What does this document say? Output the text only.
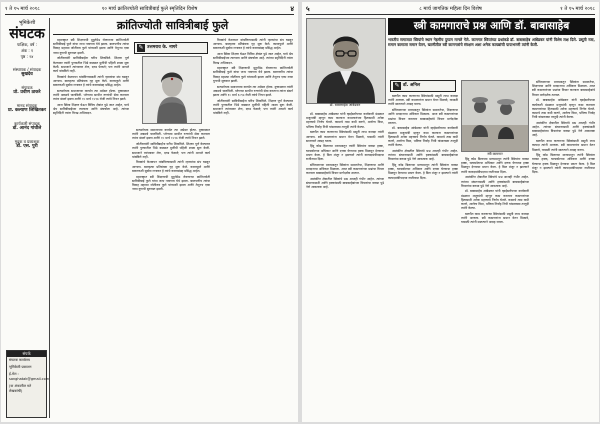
१ ते १५ मार्च २०१८	१० मार्च क्रांतिज्योती सावित्रीबाई फुले स्मृतिदिन विशेष	४
भूमिकेशी
संघटक
पाक्षिक, वर्ष :
अंक : १
पृष्ठ : २४
संस्थापक / संपादक
सुखदेव
संपादक
प्रो. प्रवीण ठाकरे
मानद संपादक
प्रा. कल्याण लिखितकर
कार्यकारी संपादक
डॉ. आनंद गांधीले
मुद्रक व प्रकाशक
डॉ. एस. पुरी
संपर्क
संघटक कार्यालय
भूमिकेशी प्रकाशन
ई-मेल : sanghatak@gmail.com
(या अंकातील मते लेखकांची)
क्रांतिज्योती सावित्रीबाई फुले

महाराष्ट्रात स्त्री शिक्षणाची मुहूर्तमेढ रोवणाऱ्या क्रांतिज्योती सावित्रीबाई फुले यांचा जन्म नायगाव येथे झाला. बालपणीच त्यांचा विवाह महात्मा जोतीराव फुले यांच्याशी झाला आणि तेथूनच एका नव्या युगाची सुरुवात झाली.

जोतीरावांनी सावित्रीबाईंना घरीच शिकविले. शिक्षण पूर्ण केल्यावर त्यांनी पुण्यातील भिडे वाड्यात मुलींची पहिली शाळा सुरू केली. समाजाने त्यांच्यावर शेण, दगड फेकले; पण त्यांनी आपले कार्य थांबविले नाही.

विधवांचे केशवपन थांबविण्यासाठी त्यांनी न्हाव्यांचा संप घडवून आणला. बालहत्या प्रतिबंधक गृह सुरू केले. काव्यफुले आणि बावनकशी सुबोध रत्नाकर हे त्यांचे काव्यसंग्रह प्रसिद्ध आहेत.

सत्यशोधक समाजाच्या कार्यात त्या अग्रेसर होत्या. दुष्काळात त्यांनी अन्नछत्रे चालविली. प्लेगच्या साथीत रुग्णांची सेवा करताना त्यांना संसर्ग झाला आणि १० मार्च १८९७ रोजी त्यांचे निधन झाले.

आज स्त्रिया शिक्षण घेऊन विविध क्षेत्रांत पुढे जात आहेत, याचे श्रेय सावित्रीबाईंच्या त्यागाला आणि संघर्षाला आहे. त्यांच्या स्मृतिदिनी त्यांना विनम्र अभिवादन.

✎ उत्तमराव के. नागरे

सत्यशोधक समाजाच्या कार्यात त्या अग्रेसर होत्या. दुष्काळात त्यांनी अन्नछत्रे चालविली. प्लेगच्या साथीत रुग्णांची सेवा करताना त्यांना संसर्ग झाला आणि १० मार्च १८९७ रोजी त्यांचे निधन झाले.

जोतीरावांनी सावित्रीबाईंना घरीच शिकविले. शिक्षण पूर्ण केल्यावर त्यांनी पुण्यातील भिडे वाड्यात मुलींची पहिली शाळा सुरू केली. समाजाने त्यांच्यावर शेण, दगड फेकले; पण त्यांनी आपले कार्य थांबविले नाही.

विधवांचे केशवपन थांबविण्यासाठी त्यांनी न्हाव्यांचा संप घडवून आणला. बालहत्या प्रतिबंधक गृह सुरू केले. काव्यफुले आणि बावनकशी सुबोध रत्नाकर हे त्यांचे काव्यसंग्रह प्रसिद्ध आहेत.

महाराष्ट्रात स्त्री शिक्षणाची मुहूर्तमेढ रोवणाऱ्या क्रांतिज्योती सावित्रीबाई फुले यांचा जन्म नायगाव येथे झाला. बालपणीच त्यांचा विवाह महात्मा जोतीराव फुले यांच्याशी झाला आणि तेथूनच एका नव्या युगाची सुरुवात झाली.

विधवांचे केशवपन थांबविण्यासाठी त्यांनी न्हाव्यांचा संप घडवून आणला. बालहत्या प्रतिबंधक गृह सुरू केले. काव्यफुले आणि बावनकशी सुबोध रत्नाकर हे त्यांचे काव्यसंग्रह प्रसिद्ध आहेत.

आज स्त्रिया शिक्षण घेऊन विविध क्षेत्रांत पुढे जात आहेत, याचे श्रेय सावित्रीबाईंच्या त्यागाला आणि संघर्षाला आहे. त्यांच्या स्मृतिदिनी त्यांना विनम्र अभिवादन.

महाराष्ट्रात स्त्री शिक्षणाची मुहूर्तमेढ रोवणाऱ्या क्रांतिज्योती सावित्रीबाई फुले यांचा जन्म नायगाव येथे झाला. बालपणीच त्यांचा विवाह महात्मा जोतीराव फुले यांच्याशी झाला आणि तेथूनच एका नव्या युगाची सुरुवात झाली.

सत्यशोधक समाजाच्या कार्यात त्या अग्रेसर होत्या. दुष्काळात त्यांनी अन्नछत्रे चालविली. प्लेगच्या साथीत रुग्णांची सेवा करताना त्यांना संसर्ग झाला आणि १० मार्च १८९७ रोजी त्यांचे निधन झाले.

जोतीरावांनी सावित्रीबाईंना घरीच शिकविले. शिक्षण पूर्ण केल्यावर त्यांनी पुण्यातील भिडे वाड्यात मुलींची पहिली शाळा सुरू केली. समाजाने त्यांच्यावर शेण, दगड फेकले; पण त्यांनी आपले कार्य थांबविले नाही.

५	८ मार्च जागतिक महिला दिन विशेष	१ ते १५ मार्च २०१८
डॉ. बाबासाहेब आंबेडकर
स्त्री कामगाराचे प्रश्न आणि डॉ. बाबासाहेब
भारतीय समाजात स्त्रियांचे स्थान नेहमीच दुय्यम मानले गेले. कामगार स्त्रियांच्या प्रश्नांकडे डॉ. बाबासाहेब आंबेडकर यांनी विशेष लक्ष दिले. प्रसूती रजा, समान कामाला समान वेतन, खाणीतील स्त्री कामगारांचे संरक्षण अशा अनेक कायद्यांची पायाभरणी त्यांनी केली.

डॉ. बाबासाहेब आंबेडकर यांनी व्हाईसरॉयच्या कार्यकारी मंडळात मजूरमंत्री म्हणून काम करताना कामगारांच्या हितासाठी अनेक महत्त्वाचे निर्णय घेतले. कामाचे तास कमी करणे, आरोग्य विमा, भविष्य निर्वाह निधी यांसारख्या तरतुदी त्यांनी केल्या.

खाणीत काम करणाऱ्या स्त्रियांसाठी प्रसूती लाभ कायदा त्यांनी आणला. स्त्री कामगारांना समान वेतन मिळावे, यासाठी त्यांनी सातत्याने आग्रह धरला.

हिंदू कोड बिलाच्या माध्यमातून त्यांनी स्त्रियांना वारसा हक्क, घटस्फोटाचा अधिकार आणि दत्तक घेण्याचा हक्क मिळवून देण्याचा प्रयत्न केला. हे बिल मंजूर न झाल्याने त्यांनी कायदामंत्रीपदाचा राजीनामा दिला.

संविधानाच्या माध्यमातून स्त्रियांना समानतेचा, शिक्षणाचा आणि मतदानाचा अधिकार मिळाला. आज स्त्री कामगारांच्या प्रश्नांचा विचार करताना बाबासाहेबांचे विचार मार्गदर्शक ठरतात.

असंघटित क्षेत्रातील स्त्रियांचे प्रश्न आजही गंभीर आहेत. त्यांच्या संघटनासाठी आणि हक्कांसाठी बाबासाहेबांच्या विचारांचा वारसा पुढे नेणे आवश्यक आहे.

✎ डॉ. अनिल

खाणीत काम करणाऱ्या स्त्रियांसाठी प्रसूती लाभ कायदा त्यांनी आणला. स्त्री कामगारांना समान वेतन मिळावे, यासाठी त्यांनी सातत्याने आग्रह धरला.

संविधानाच्या माध्यमातून स्त्रियांना समानतेचा, शिक्षणाचा आणि मतदानाचा अधिकार मिळाला. आज स्त्री कामगारांच्या प्रश्नांचा विचार करताना बाबासाहेबांचे विचार मार्गदर्शक ठरतात.

डॉ. बाबासाहेब आंबेडकर यांनी व्हाईसरॉयच्या कार्यकारी मंडळात मजूरमंत्री म्हणून काम करताना कामगारांच्या हितासाठी अनेक महत्त्वाचे निर्णय घेतले. कामाचे तास कमी करणे, आरोग्य विमा, भविष्य निर्वाह निधी यांसारख्या तरतुदी त्यांनी केल्या.

असंघटित क्षेत्रातील स्त्रियांचे प्रश्न आजही गंभीर आहेत. त्यांच्या संघटनासाठी आणि हक्कांसाठी बाबासाहेबांच्या विचारांचा वारसा पुढे नेणे आवश्यक आहे.

हिंदू कोड बिलाच्या माध्यमातून त्यांनी स्त्रियांना वारसा हक्क, घटस्फोटाचा अधिकार आणि दत्तक घेण्याचा हक्क मिळवून देण्याचा प्रयत्न केला. हे बिल मंजूर न झाल्याने त्यांनी कायदामंत्रीपदाचा राजीनामा दिला.

स्त्री कामगार

हिंदू कोड बिलाच्या माध्यमातून त्यांनी स्त्रियांना वारसा हक्क, घटस्फोटाचा अधिकार आणि दत्तक घेण्याचा हक्क मिळवून देण्याचा प्रयत्न केला. हे बिल मंजूर न झाल्याने त्यांनी कायदामंत्रीपदाचा राजीनामा दिला.

असंघटित क्षेत्रातील स्त्रियांचे प्रश्न आजही गंभीर आहेत. त्यांच्या संघटनासाठी आणि हक्कांसाठी बाबासाहेबांच्या विचारांचा वारसा पुढे नेणे आवश्यक आहे.

डॉ. बाबासाहेब आंबेडकर यांनी व्हाईसरॉयच्या कार्यकारी मंडळात मजूरमंत्री म्हणून काम करताना कामगारांच्या हितासाठी अनेक महत्त्वाचे निर्णय घेतले. कामाचे तास कमी करणे, आरोग्य विमा, भविष्य निर्वाह निधी यांसारख्या तरतुदी त्यांनी केल्या.

खाणीत काम करणाऱ्या स्त्रियांसाठी प्रसूती लाभ कायदा त्यांनी आणला. स्त्री कामगारांना समान वेतन मिळावे, यासाठी त्यांनी सातत्याने आग्रह धरला.

संविधानाच्या माध्यमातून स्त्रियांना समानतेचा, शिक्षणाचा आणि मतदानाचा अधिकार मिळाला. आज स्त्री कामगारांच्या प्रश्नांचा विचार करताना बाबासाहेबांचे विचार मार्गदर्शक ठरतात.

डॉ. बाबासाहेब आंबेडकर यांनी व्हाईसरॉयच्या कार्यकारी मंडळात मजूरमंत्री म्हणून काम करताना कामगारांच्या हितासाठी अनेक महत्त्वाचे निर्णय घेतले. कामाचे तास कमी करणे, आरोग्य विमा, भविष्य निर्वाह निधी यांसारख्या तरतुदी त्यांनी केल्या.

असंघटित क्षेत्रातील स्त्रियांचे प्रश्न आजही गंभीर आहेत. त्यांच्या संघटनासाठी आणि हक्कांसाठी बाबासाहेबांच्या विचारांचा वारसा पुढे नेणे आवश्यक आहे.

खाणीत काम करणाऱ्या स्त्रियांसाठी प्रसूती लाभ कायदा त्यांनी आणला. स्त्री कामगारांना समान वेतन मिळावे, यासाठी त्यांनी सातत्याने आग्रह धरला.

हिंदू कोड बिलाच्या माध्यमातून त्यांनी स्त्रियांना वारसा हक्क, घटस्फोटाचा अधिकार आणि दत्तक घेण्याचा हक्क मिळवून देण्याचा प्रयत्न केला. हे बिल मंजूर न झाल्याने त्यांनी कायदामंत्रीपदाचा राजीनामा दिला.
